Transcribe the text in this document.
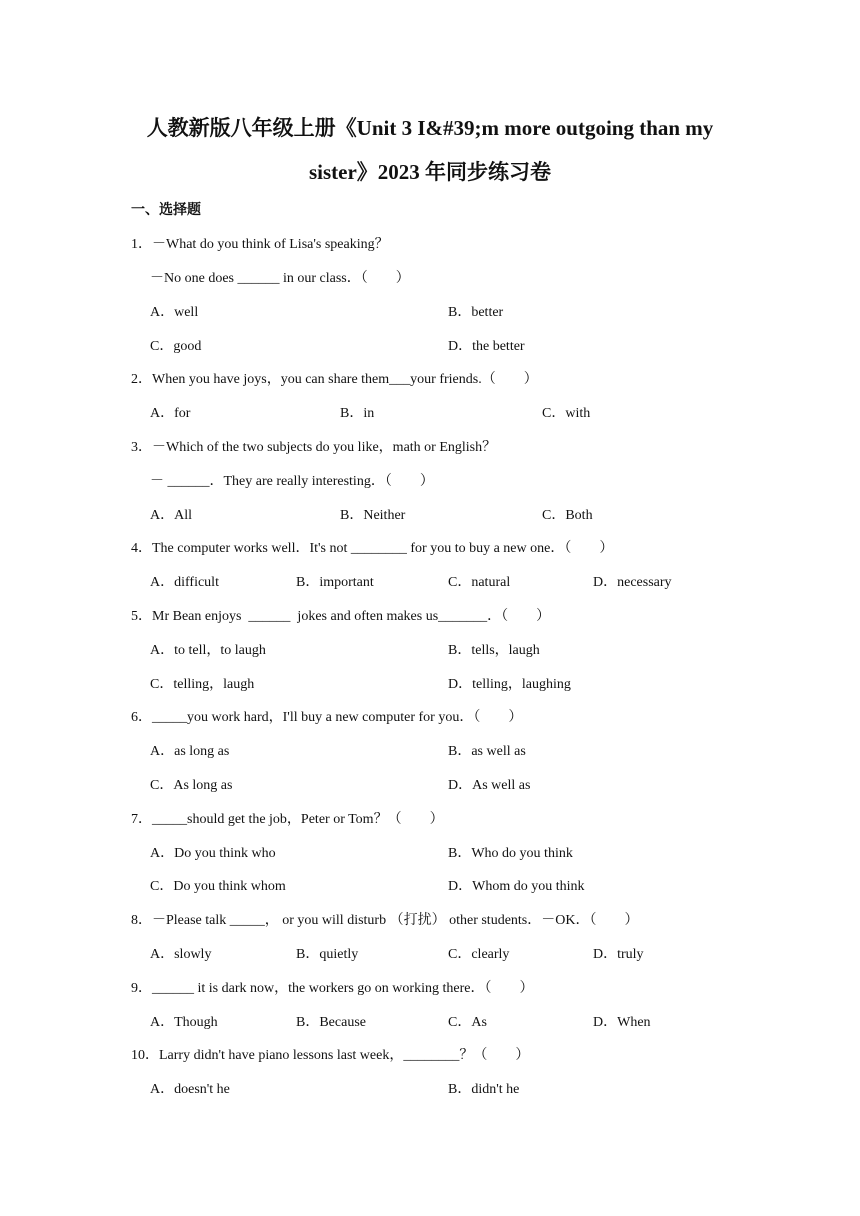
人教新版八年级上册《Unit 3 I&#39;m more outgoing than my
sister》2023 年同步练习卷
一、选择题
1．－What do you think of Lisa's speaking？
－No one does ______ in our class．（　　）
A．well	B．better
C．good	D．the better
2．When you have joys，you can share them___your friends.（　　）
A．for	B．in	C．with
3．－Which of the two subjects do you like，math or English？
－ ______．They are really interesting．（　　）
A．All	B．Neither	C．Both
4．The computer works well．It's not ________ for you to buy a new one．（　　）
A．difficult	B．important	C．natural	D．necessary
5．Mr Bean enjoys  ______  jokes and often makes us_______．（　　）
A．to tell，to laugh	B．tells，laugh
C．telling，laugh	D．telling，laughing
6．_____you work hard，I'll buy a new computer for you．（　　）
A．as long as	B．as well as
C．As long as	D．As well as
7．_____should get the job，Peter or Tom？（　　）
A．Do you think who	B．Who do you think
C．Do you think whom	D．Whom do you think
8．－Please talk _____， or you will disturb （打扰） other students．－OK．（　　）
A．slowly	B．quietly	C．clearly	D．truly
9．______ it is dark now，the workers go on working there．（　　）
A．Though	B．Because	C．As	D．When
10．Larry didn't have piano lessons last week，________？（　　）
A．doesn't he	B．didn't he
